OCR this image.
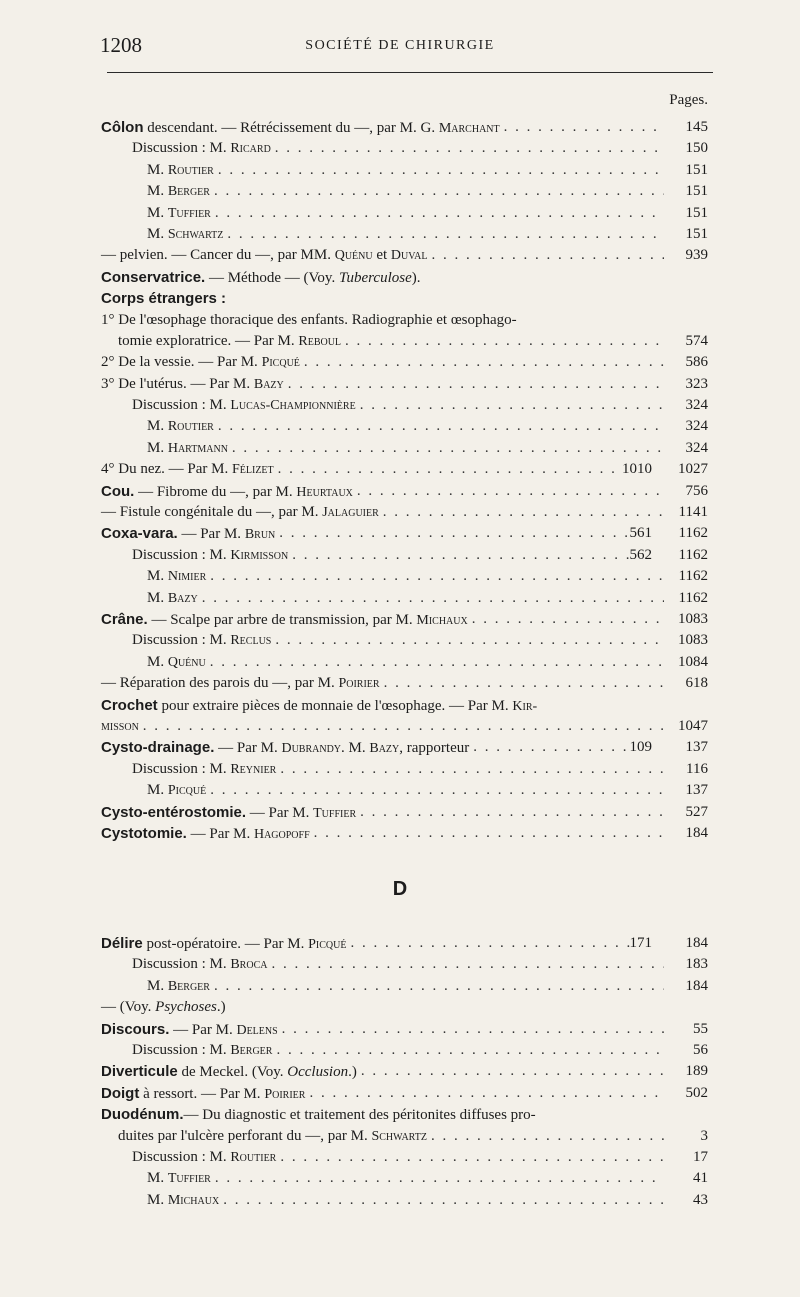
1208	SOCIÉTÉ DE CHIRURGIE
Pages.
Côlon descendant. — Rétrécissement du —, par M. G. Marchant . . .	145
Discussion : M. Ricard . . .	150
M. Routier . . .	151
M. Berger . . .	151
M. Tuffier . . .	151
M. Schwartz . . .	151
— pelvien. — Cancer du —, par MM. Quénu et Duval . . .	939
Conservatrice. — Méthode — (Voy. Tuberculose).
Corps étrangers :
1° De l'œsophage thoracique des enfants. Radiographie et œsophago-
tomie exploratrice. — Par M. Reboul . . .	574
2° De la vessie. — Par M. Picqué . . .	586
3° De l'utérus. — Par M. Bazy . . .	323
Discussion : M. Lucas-Championnière . . .	324
M. Routier . . .	324
M. Hartmann . . .	324
4° Du nez. — Par M. Félizet . . .	1010	1027
Cou. — Fibrome du —, par M. Heurtaux . . .	756
— Fistule congénitale du —, par M. Jalaguier . . .	1141
Coxa-vara. — Par M. Brun . . .	561	1162
Discussion : M. Kirmisson . . .	562	1162
M. Nimier . . .	1162
M. Bazy . . .	1162
Crâne. — Scalpe par arbre de transmission, par M. Michaux . . .	1083
Discussion : M. Reclus . . .	1083
M. Quénu . . .	1084
— Réparation des parois du —, par M. Poirier . . .	618
Crochet pour extraire pièces de monnaie de l'œsophage. — Par M. Kir-
misson . . .	1047
Cysto-drainage. — Par M. Dubrandy. M. Bazy, rapporteur . . .	109	137
Discussion : M. Reynier . . .	116
M. Picqué . . .	137
Cysto-entérostomie. — Par M. Tuffier . . .	527
Cystotomie. — Par M. Hagopoff . . .	184
D
Délire post-opératoire. — Par M. Picqué . . .	171	184
Discussion : M. Broca . . .	183
M. Berger . . .	184
— (Voy. Psychoses.)
Discours. — Par M. Delens . . .	55
Discussion : M. Berger . . .	56
Diverticule de Meckel. (Voy. Occlusion.) . . .	189
Doigt à ressort. — Par M. Poirier . . .	502
Duodénum.— Du diagnostic et traitement des péritonites diffuses pro-
duites par l'ulcère perforant du —, par M. Schwartz . . .	3
Discussion : M. Routier . . .	17
M. Tuffier . . .	41
M. Michaux . . .	43
